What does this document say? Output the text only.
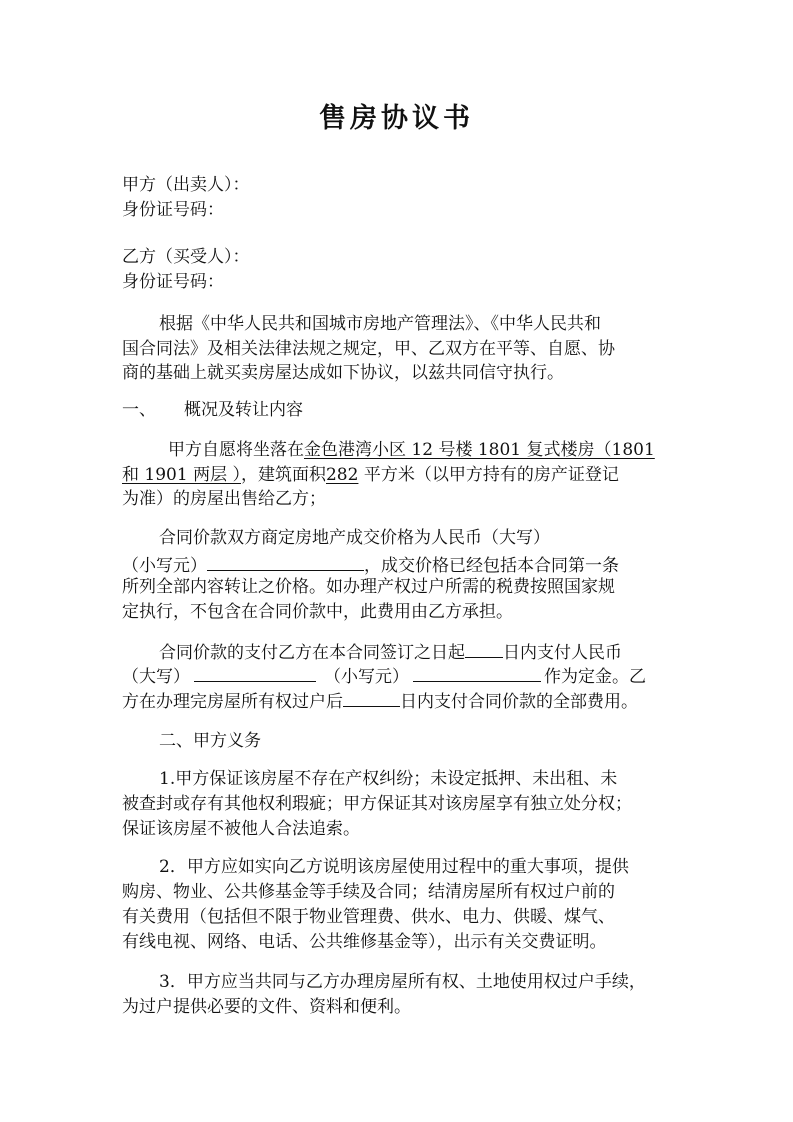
售房协议书
甲方（出卖人）：
身份证号码：
乙方（买受人）：
身份证号码：
根据《中华人民共和国城市房地产管理法》、《中华人民共和
国合同法》及相关法律法规之规定，甲、乙双方在平等、自愿、协
商的基础上就买卖房屋达成如下协议，以兹共同信守执行。
一、 概况及转让内容
甲方自愿将坐落在金色港湾小区 12 号楼 1801 复式楼房（1801
和 1901 两层 ），建筑面积282 平方米（以甲方持有的房产证登记
为准）的房屋出售给乙方；
合同价款双方商定房地产成交价格为人民币（大写）
（小写元）	，成交价格已经包括本合同第一条
所列全部内容转让之价格。如办理产权过户所需的税费按照国家规
定执行，不包含在合同价款中，此费用由乙方承担。
合同价款的支付乙方在本合同签订之日起 日内支付人民币
（大写）	（小写元）	作为定金。乙
方在办理完房屋所有权过户后	日内支付合同价款的全部费用。
二、甲方义务
1.甲方保证该房屋不存在产权纠纷；未设定抵押、未出租、未
被查封或存有其他权利瑕疵；甲方保证其对该房屋享有独立处分权；
保证该房屋不被他人合法追索。
2．甲方应如实向乙方说明该房屋使用过程中的重大事项，提供
购房、物业、公共修基金等手续及合同；结清房屋所有权过户前的
有关费用（包括但不限于物业管理费、供水、电力、供暖、煤气、
有线电视、网络、电话、公共维修基金等），出示有关交费证明。
3．甲方应当共同与乙方办理房屋所有权、土地使用权过户手续，
为过户提供必要的文件、资料和便利。
